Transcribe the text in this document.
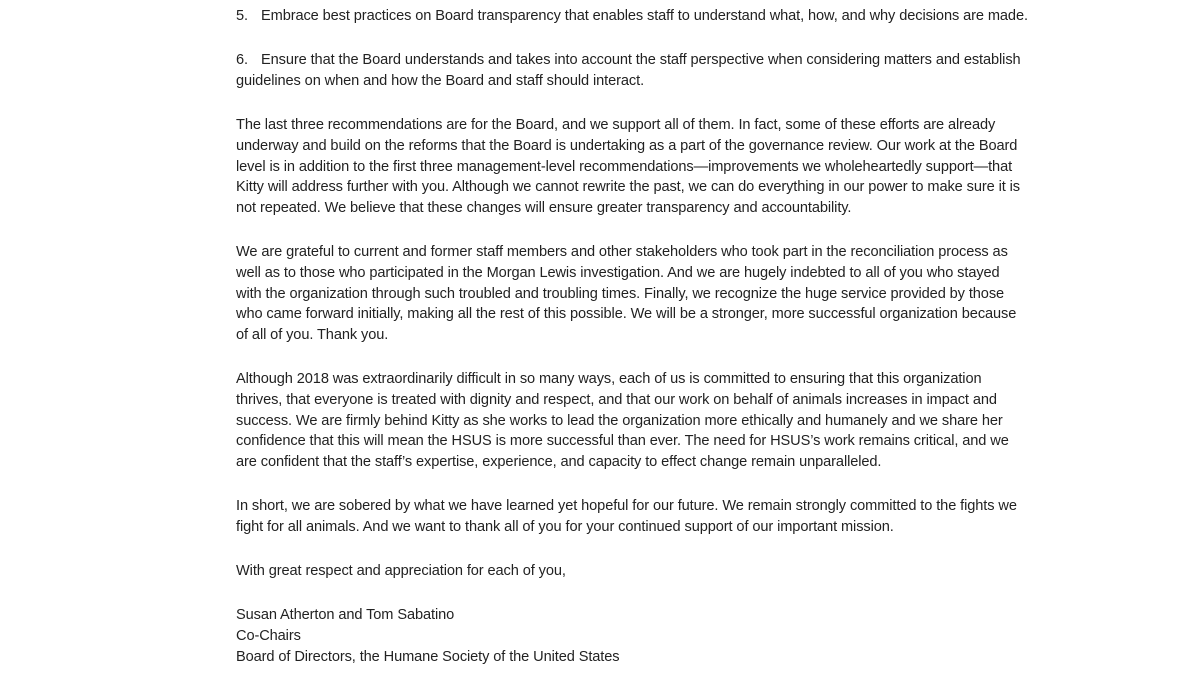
5. Embrace best practices on Board transparency that enables staff to understand what, how, and why decisions are made.

6. Ensure that the Board understands and takes into account the staff perspective when considering matters and establish guidelines on when and how the Board and staff should interact.

The last three recommendations are for the Board, and we support all of them. In fact, some of these efforts are already underway and build on the reforms that the Board is undertaking as a part of the governance review. Our work at the Board level is in addition to the first three management-level recommendations—improvements we wholeheartedly support—that Kitty will address further with you. Although we cannot rewrite the past, we can do everything in our power to make sure it is not repeated. We believe that these changes will ensure greater transparency and accountability.

We are grateful to current and former staff members and other stakeholders who took part in the reconciliation process as well as to those who participated in the Morgan Lewis investigation. And we are hugely indebted to all of you who stayed with the organization through such troubled and troubling times. Finally, we recognize the huge service provided by those who came forward initially, making all the rest of this possible. We will be a stronger, more successful organization because of all of you. Thank you.

Although 2018 was extraordinarily difficult in so many ways, each of us is committed to ensuring that this organization thrives, that everyone is treated with dignity and respect, and that our work on behalf of animals increases in impact and success. We are firmly behind Kitty as she works to lead the organization more ethically and humanely and we share her confidence that this will mean the HSUS is more successful than ever. The need for HSUS’s work remains critical, and we are confident that the staff’s expertise, experience, and capacity to effect change remain unparalleled.

In short, we are sobered by what we have learned yet hopeful for our future. We remain strongly committed to the fights we fight for all animals. And we want to thank all of you for your continued support of our important mission.

With great respect and appreciation for each of you,

Susan Atherton and Tom Sabatino
Co-Chairs
Board of Directors, the Humane Society of the United States
